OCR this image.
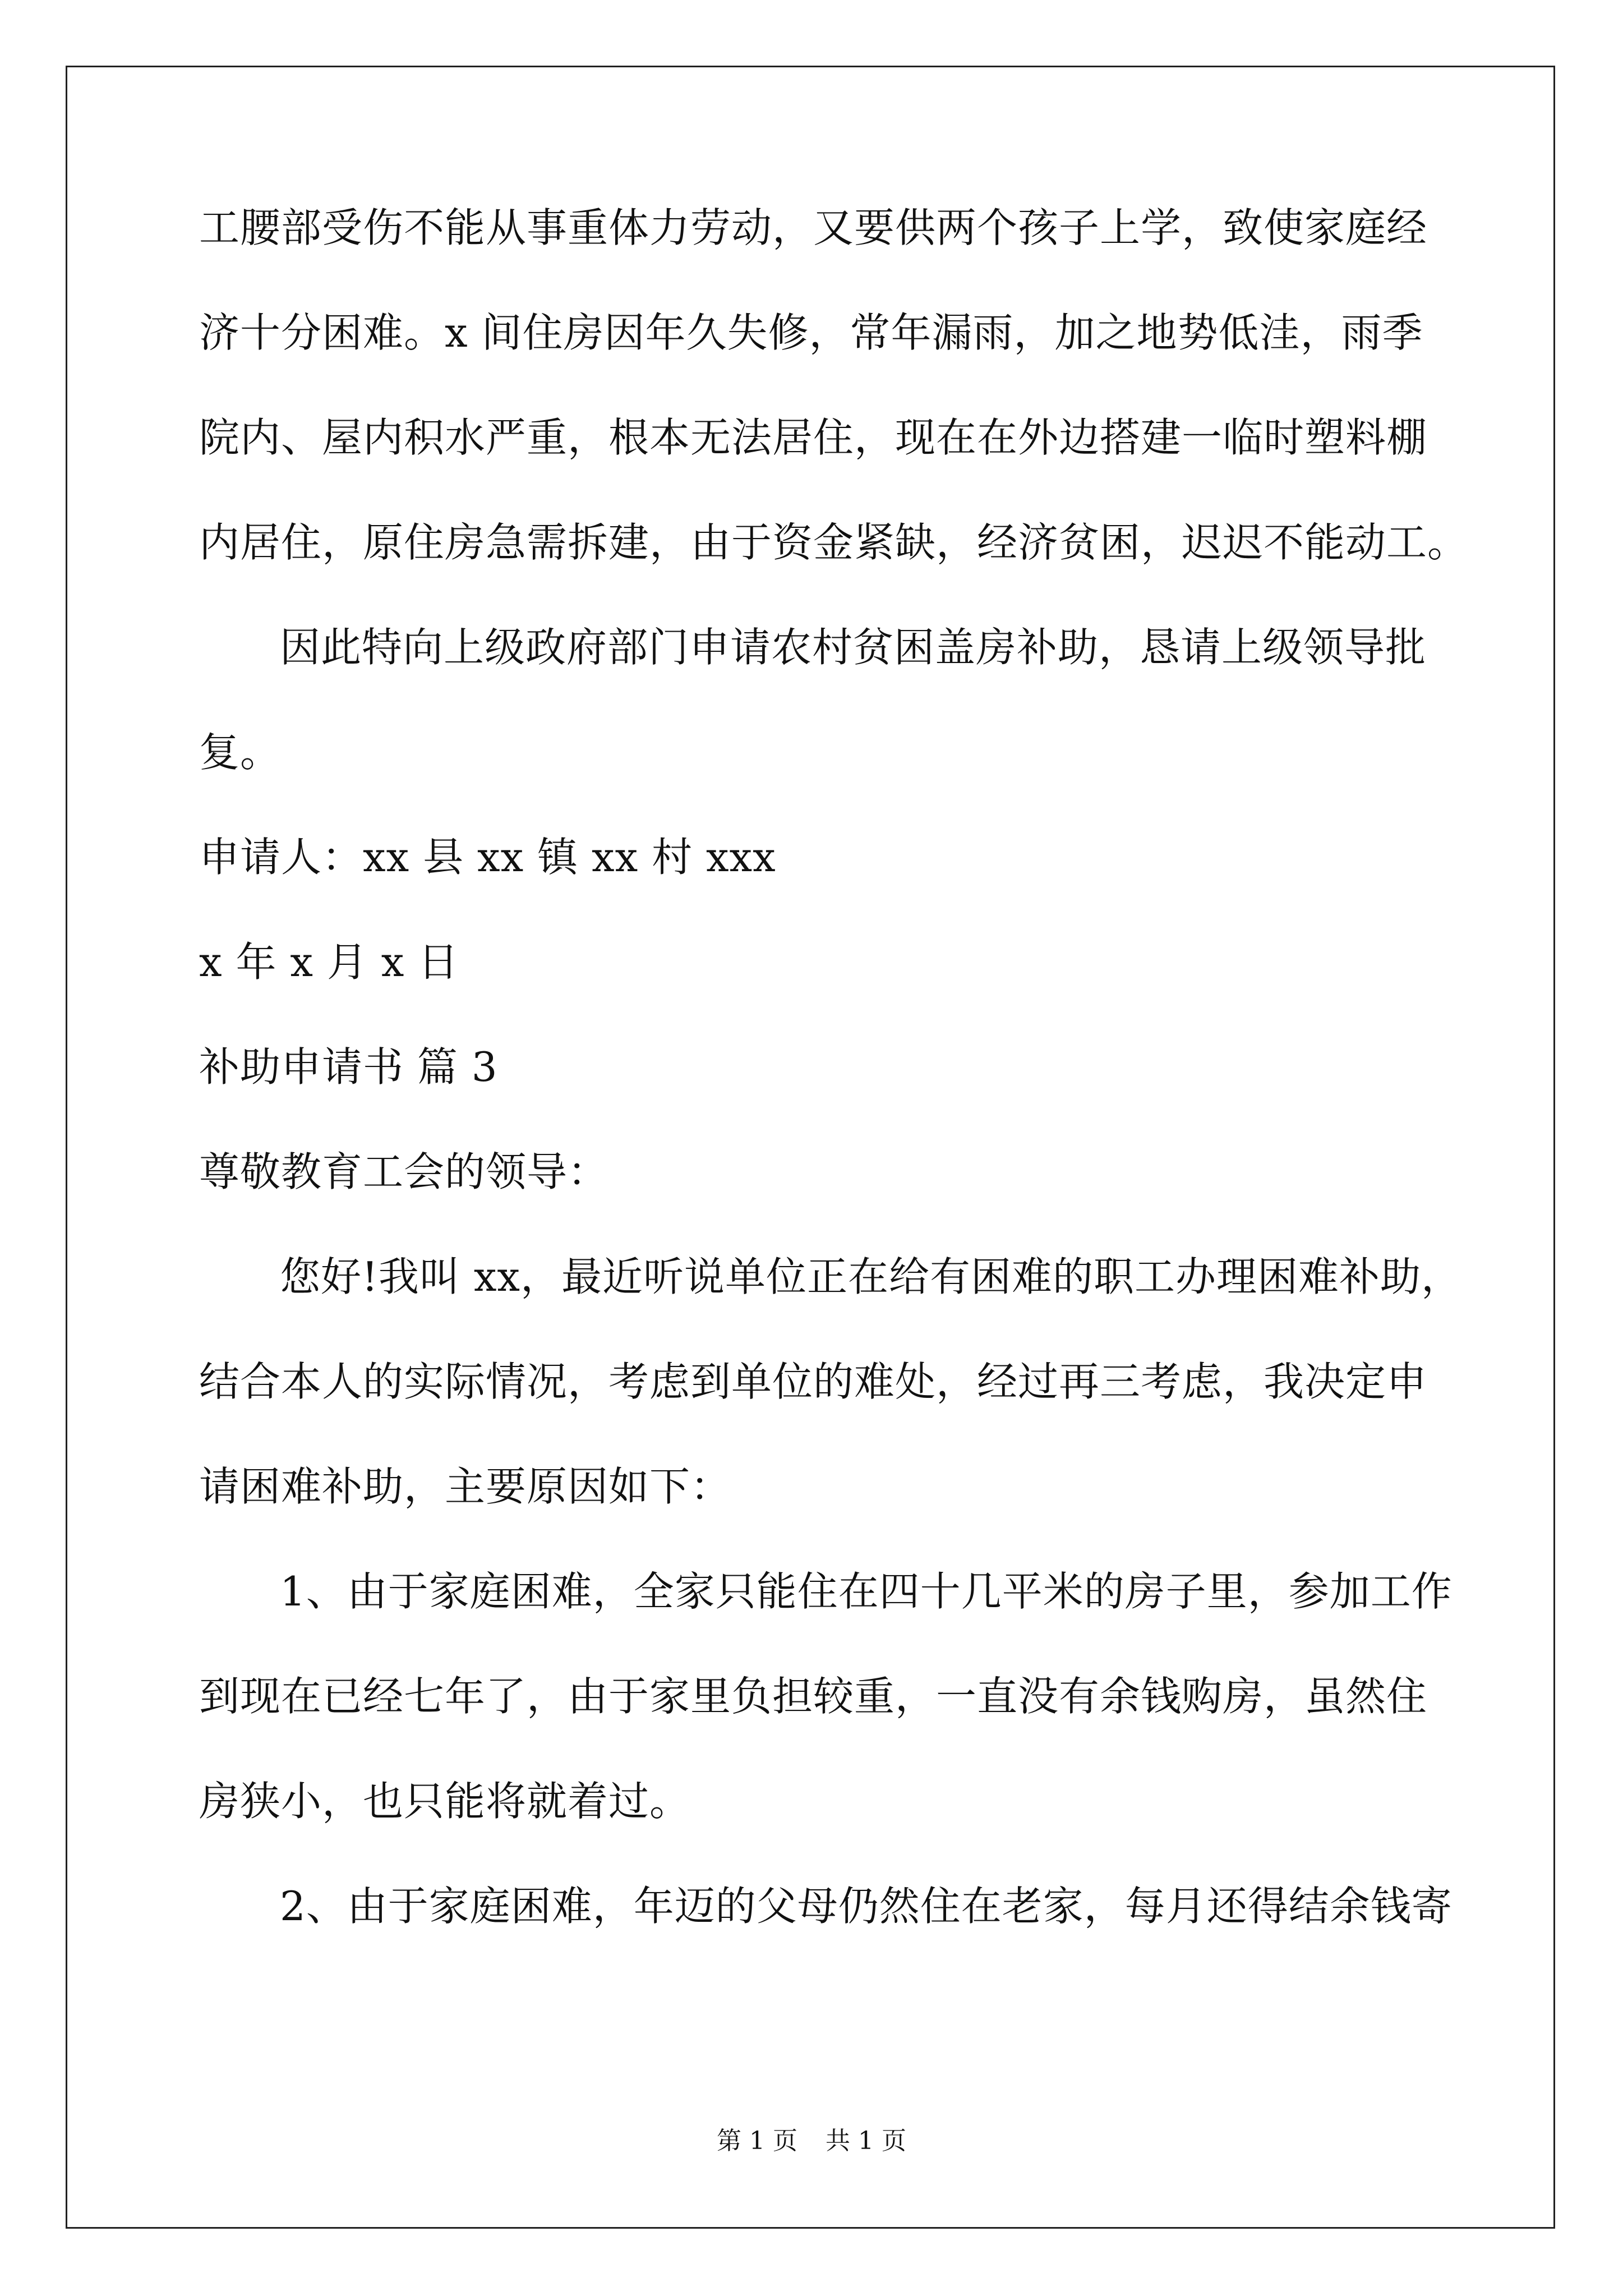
工腰部受伤不能从事重体力劳动，又要供两个孩子上学，致使家庭经

济十分困难。x 间住房因年久失修，常年漏雨，加之地势低洼，雨季

院内、屋内积水严重，根本无法居住，现在在外边搭建一临时塑料棚

内居住，原住房急需拆建，由于资金紧缺，经济贫困，迟迟不能动工。

因此特向上级政府部门申请农村贫困盖房补助，恳请上级领导批

复。

申请人：xx 县 xx 镇 xx 村 xxx

x 年 x 月 x 日

补助申请书 篇 3

尊敬教育工会的领导：

您好!我叫 xx，最近听说单位正在给有困难的职工办理困难补助，

结合本人的实际情况，考虑到单位的难处，经过再三考虑，我决定申

请困难补助，主要原因如下：

1、由于家庭困难，全家只能住在四十几平米的房子里，参加工作

到现在已经七年了，由于家里负担较重，一直没有余钱购房，虽然住

房狭小，也只能将就着过。

2、由于家庭困难，年迈的父母仍然住在老家，每月还得结余钱寄

第 1 页 共 1 页
